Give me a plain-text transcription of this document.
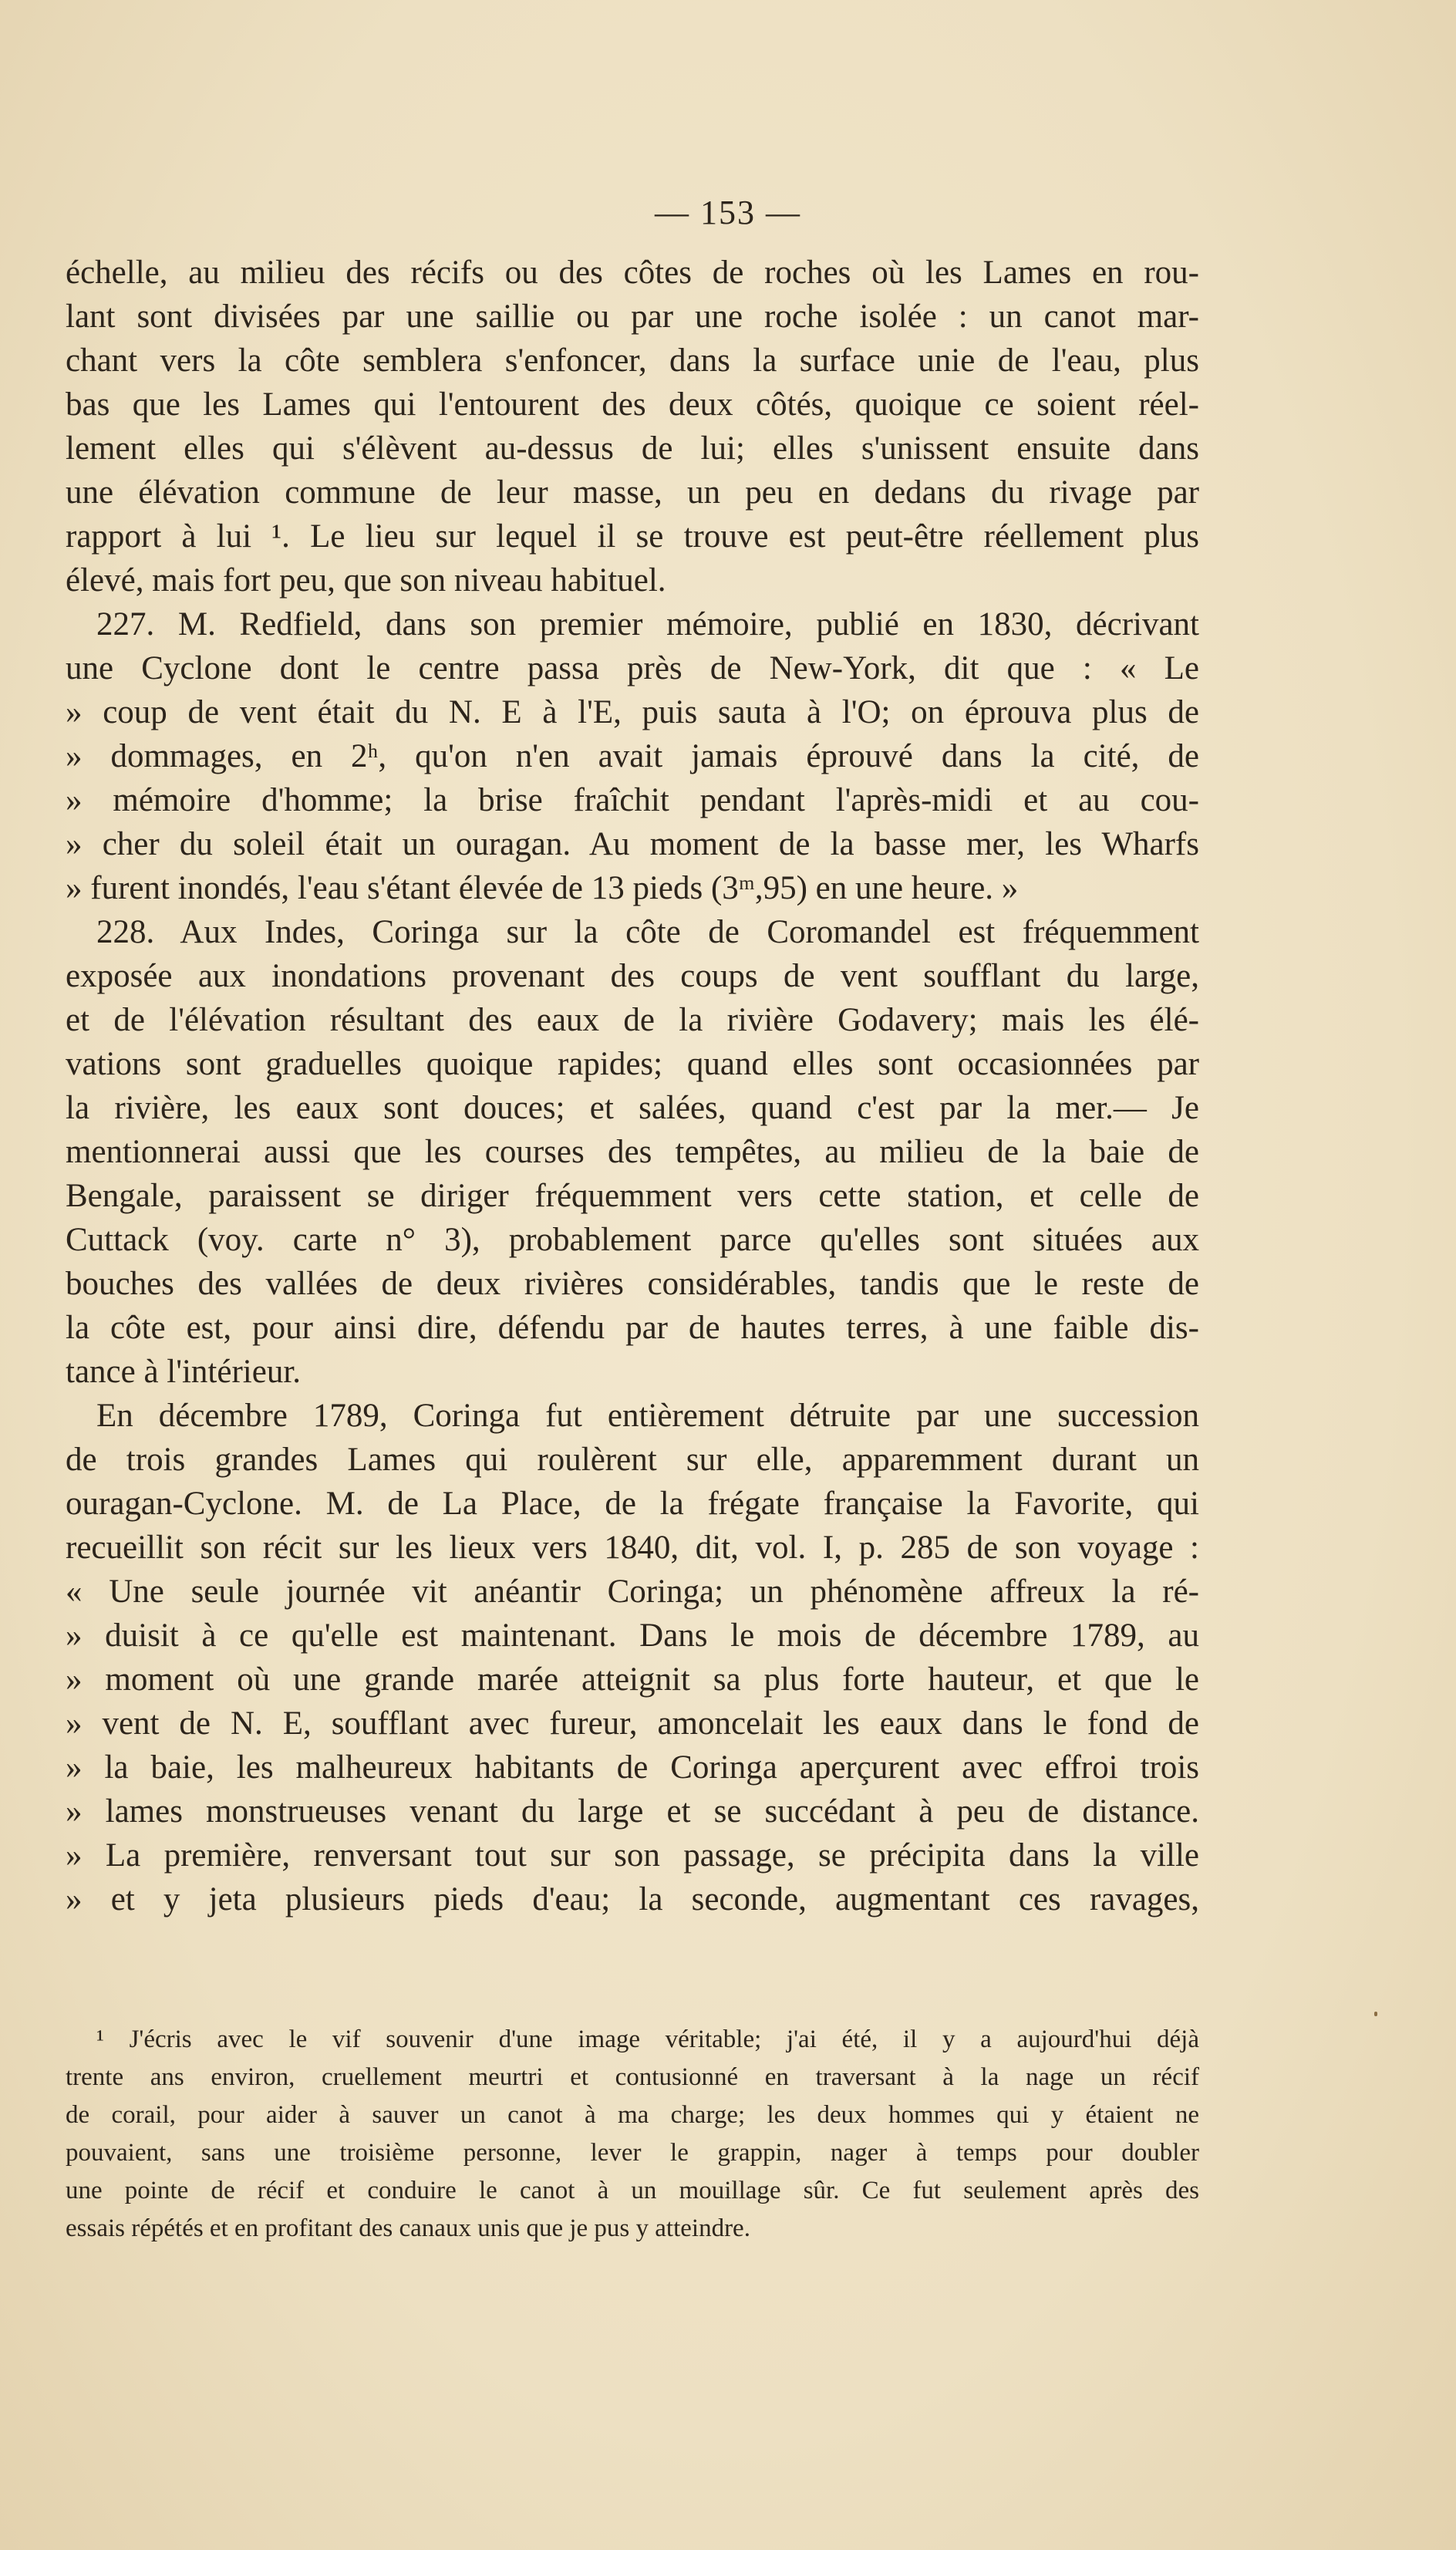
— 153 —
échelle, au milieu des récifs ou des côtes de roches où les Lames en rou-
lant sont divisées par une saillie ou par une roche isolée : un canot mar-
chant vers la côte semblera s'enfoncer, dans la surface unie de l'eau, plus
bas que les Lames qui l'entourent des deux côtés, quoique ce soient réel-
lement elles qui s'élèvent au-dessus de lui; elles s'unissent ensuite dans
une élévation commune de leur masse, un peu en dedans du rivage par
rapport à lui ¹. Le lieu sur lequel il se trouve est peut-être réellement plus
élevé, mais fort peu, que son niveau habituel.
227. M. Redfield, dans son premier mémoire, publié en 1830, décrivant
une Cyclone dont le centre passa près de New-York, dit que : « Le
» coup de vent était du N. E à l'E, puis sauta à l'O; on éprouva plus de
» dommages, en 2ʰ, qu'on n'en avait jamais éprouvé dans la cité, de
» mémoire d'homme; la brise fraîchit pendant l'après-midi et au cou-
» cher du soleil était un ouragan. Au moment de la basse mer, les Wharfs
» furent inondés, l'eau s'étant élevée de 13 pieds (3ᵐ,95) en une heure. »
228. Aux Indes, Coringa sur la côte de Coromandel est fréquemment
exposée aux inondations provenant des coups de vent soufflant du large,
et de l'élévation résultant des eaux de la rivière Godavery; mais les élé-
vations sont graduelles quoique rapides; quand elles sont occasionnées par
la rivière, les eaux sont douces; et salées, quand c'est par la mer.— Je
mentionnerai aussi que les courses des tempêtes, au milieu de la baie de
Bengale, paraissent se diriger fréquemment vers cette station, et celle de
Cuttack (voy. carte n° 3), probablement parce qu'elles sont situées aux
bouches des vallées de deux rivières considérables, tandis que le reste de
la côte est, pour ainsi dire, défendu par de hautes terres, à une faible dis-
tance à l'intérieur.
En décembre 1789, Coringa fut entièrement détruite par une succession
de trois grandes Lames qui roulèrent sur elle, apparemment durant un
ouragan-Cyclone. M. de La Place, de la frégate française la Favorite, qui
recueillit son récit sur les lieux vers 1840, dit, vol. I, p. 285 de son voyage :
« Une seule journée vit anéantir Coringa; un phénomène affreux la ré-
» duisit à ce qu'elle est maintenant. Dans le mois de décembre 1789, au
» moment où une grande marée atteignit sa plus forte hauteur, et que le
» vent de N. E, soufflant avec fureur, amoncelait les eaux dans le fond de
» la baie, les malheureux habitants de Coringa aperçurent avec effroi trois
» lames monstrueuses venant du large et se succédant à peu de distance.
» La première, renversant tout sur son passage, se précipita dans la ville
» et y jeta plusieurs pieds d'eau; la seconde, augmentant ces ravages,
¹ J'écris avec le vif souvenir d'une image véritable; j'ai été, il y a aujourd'hui déjà
trente ans environ, cruellement meurtri et contusionné en traversant à la nage un récif
de corail, pour aider à sauver un canot à ma charge; les deux hommes qui y étaient ne
pouvaient, sans une troisième personne, lever le grappin, nager à temps pour doubler
une pointe de récif et conduire le canot à un mouillage sûr. Ce fut seulement après des
essais répétés et en profitant des canaux unis que je pus y atteindre.
